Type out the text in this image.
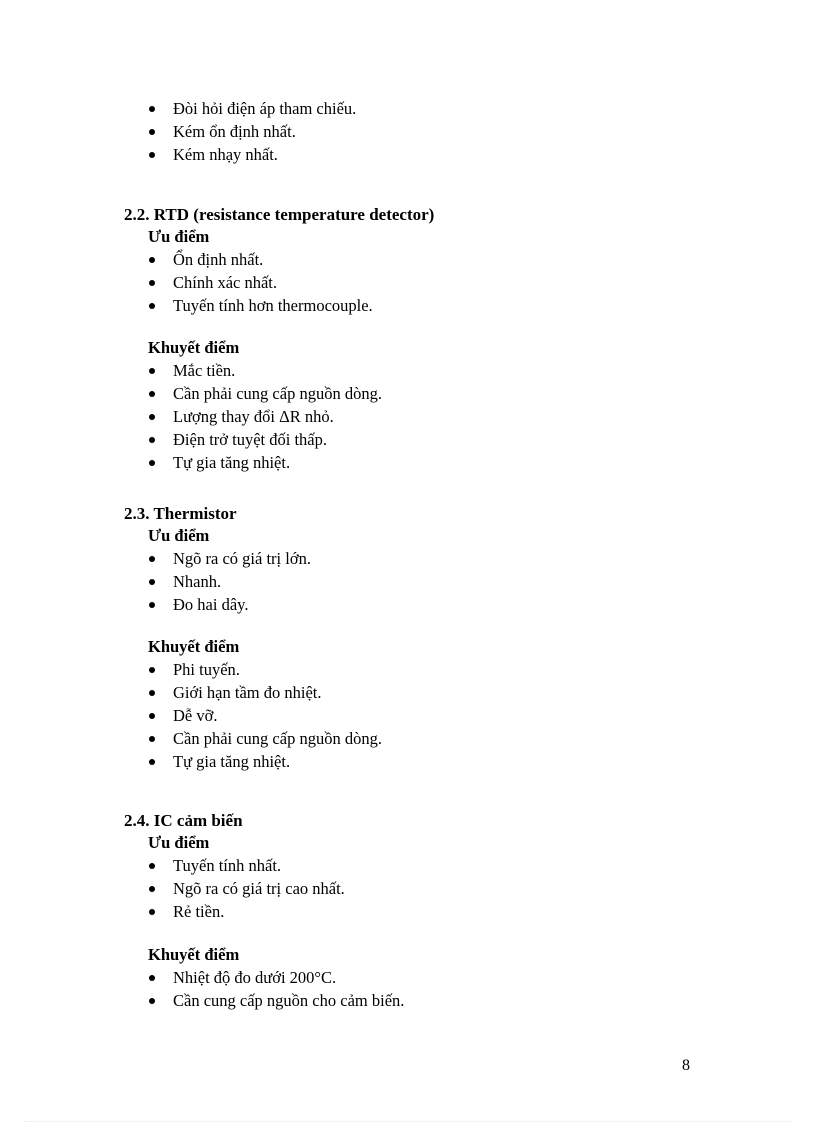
Đòi hỏi điện áp tham chiếu.
Kém ổn định nhất.
Kém nhạy nhất.
2.2. RTD (resistance temperature detector)
Ưu điểm
Ổn định nhất.
Chính xác nhất.
Tuyến tính hơn thermocouple.
Khuyết điểm
Mắc tiền.
Cần phải cung cấp nguồn dòng.
Lượng thay đổi ΔR nhỏ.
Điện trở tuyệt đối thấp.
Tự gia tăng nhiệt.
2.3. Thermistor
Ưu điểm
Ngõ ra có giá trị lớn.
Nhanh.
Đo hai dây.
Khuyết điểm
Phi tuyến.
Giới hạn tầm đo nhiệt.
Dễ vỡ.
Cần phải cung cấp nguồn dòng.
Tự gia tăng nhiệt.
2.4. IC cảm biến
Ưu điểm
Tuyến tính nhất.
Ngõ ra có giá trị cao nhất.
Rẻ tiền.
Khuyết điểm
Nhiệt độ đo dưới 200°C.
Cần cung cấp nguồn cho cảm biến.
8
